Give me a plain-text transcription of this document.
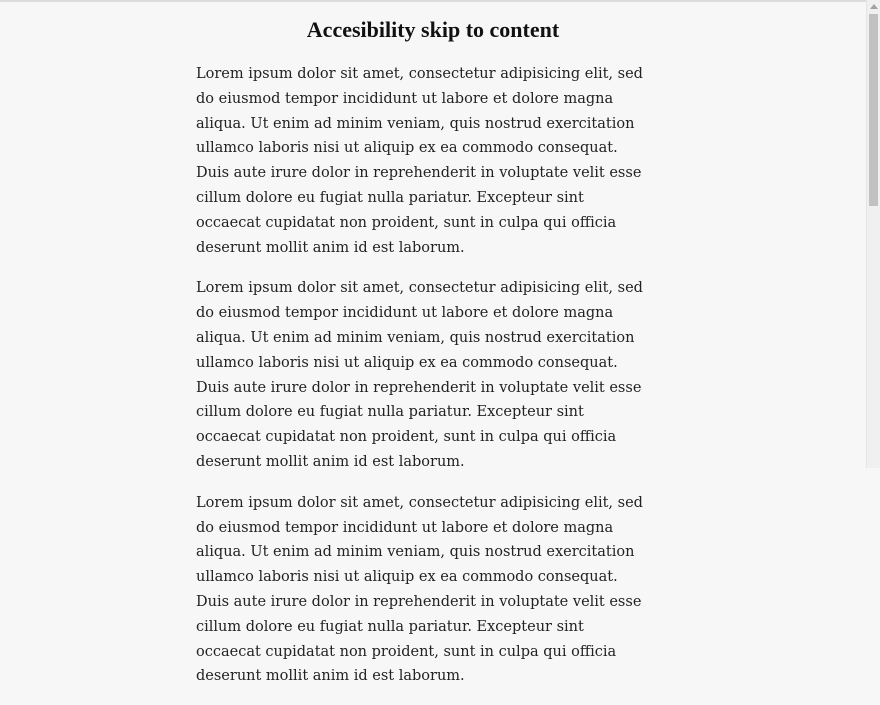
Accesibility skip to content

Lorem ipsum dolor sit amet, consectetur adipisicing elit, sed do eiusmod tempor incididunt ut labore et dolore magna aliqua. Ut enim ad minim veniam, quis nostrud exercitation ullamco laboris nisi ut aliquip ex ea commodo consequat. Duis aute irure dolor in reprehenderit in voluptate velit esse cillum dolore eu fugiat nulla pariatur. Excepteur sint occaecat cupidatat non proident, sunt in culpa qui officia deserunt mollit anim id est laborum.

Lorem ipsum dolor sit amet, consectetur adipisicing elit, sed do eiusmod tempor incididunt ut labore et dolore magna aliqua. Ut enim ad minim veniam, quis nostrud exercitation ullamco laboris nisi ut aliquip ex ea commodo consequat. Duis aute irure dolor in reprehenderit in voluptate velit esse cillum dolore eu fugiat nulla pariatur. Excepteur sint occaecat cupidatat non proident, sunt in culpa qui officia deserunt mollit anim id est laborum.

Lorem ipsum dolor sit amet, consectetur adipisicing elit, sed do eiusmod tempor incididunt ut labore et dolore magna aliqua. Ut enim ad minim veniam, quis nostrud exercitation ullamco laboris nisi ut aliquip ex ea commodo consequat. Duis aute irure dolor in reprehenderit in voluptate velit esse cillum dolore eu fugiat nulla pariatur. Excepteur sint occaecat cupidatat non proident, sunt in culpa qui officia deserunt mollit anim id est laborum.
